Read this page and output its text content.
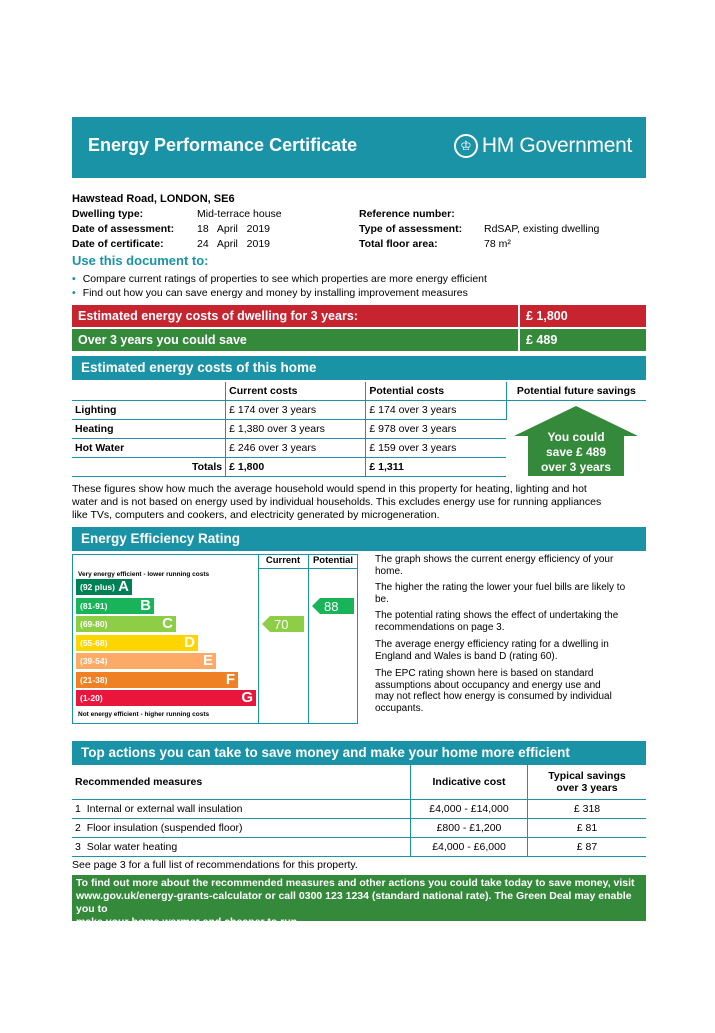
Energy Performance Certificate	♔ HM Government
Hawstead Road, LONDON, SE6
Dwelling type:	Mid-terrace house
Date of assessment: 18 April 2019
Date of certificate:	24 April 2019
Reference number:
Type of assessment: RdSAP, existing dwelling
Total floor area:	78 m²
Use this document to:
• Compare current ratings of properties to see which properties are more energy efficient
• Find out how you can save energy and money by installing improvement measures
Estimated energy costs of dwelling for 3 years:	£ 1,800
Over 3 years you could save	£ 489
Estimated energy costs of this home
	Current costs	Potential costs	Potential future savings
Lighting	£ 174 over 3 years	£ 174 over 3 years	
Heating	£ 1,380 over 3 years	£ 978 over 3 years	
Hot Water	£ 246 over 3 years	£ 159 over 3 years	
Totals	£ 1,800	£ 1,311	
You could
save £ 489
over 3 years
These figures show how much the average household would spend in this property for heating, lighting and hot
water and is not based on energy used by individual households. This excludes energy use for running appliances
like TVs, computers and cookers, and electricity generated by microgeneration.
Energy Efficiency Rating
Current	Potential
Very energy efficient - lower running costs
Not energy efficient - higher running costs
(92 plus) A
(81-91) B
(69-80)	C
(55-68)	D
(39-54)	E
(21-38)	F
(1-20)	G
70
88
The graph shows the current energy efficiency of your
home.
The higher the rating the lower your fuel bills are likely to
be.
The potential rating shows the effect of undertaking the
recommendations on page 3.
The average energy efficiency rating for a dwelling in
England and Wales is band D (rating 60).
The EPC rating shown here is based on standard
assumptions about occupancy and energy use and
may not reflect how energy is consumed by individual
occupants.
Top actions you can take to save money and make your home more efficient
Recommended measures	Indicative cost	Typical savings
over 3 years

1 Internal or external wall insulation	£4,000 - £14,000	£ 318
2 Floor insulation (suspended floor)	£800 - £1,200	£ 81
3 Solar water heating	£4,000 - £6,000	£ 87
See page 3 for a full list of recommendations for this property.
To find out more about the recommended measures and other actions you could take today to save money, visit
www.gov.uk/energy-grants-calculator or call 0300 123 1234 (standard national rate). The Green Deal may enable you to
make your home warmer and cheaper to run.
